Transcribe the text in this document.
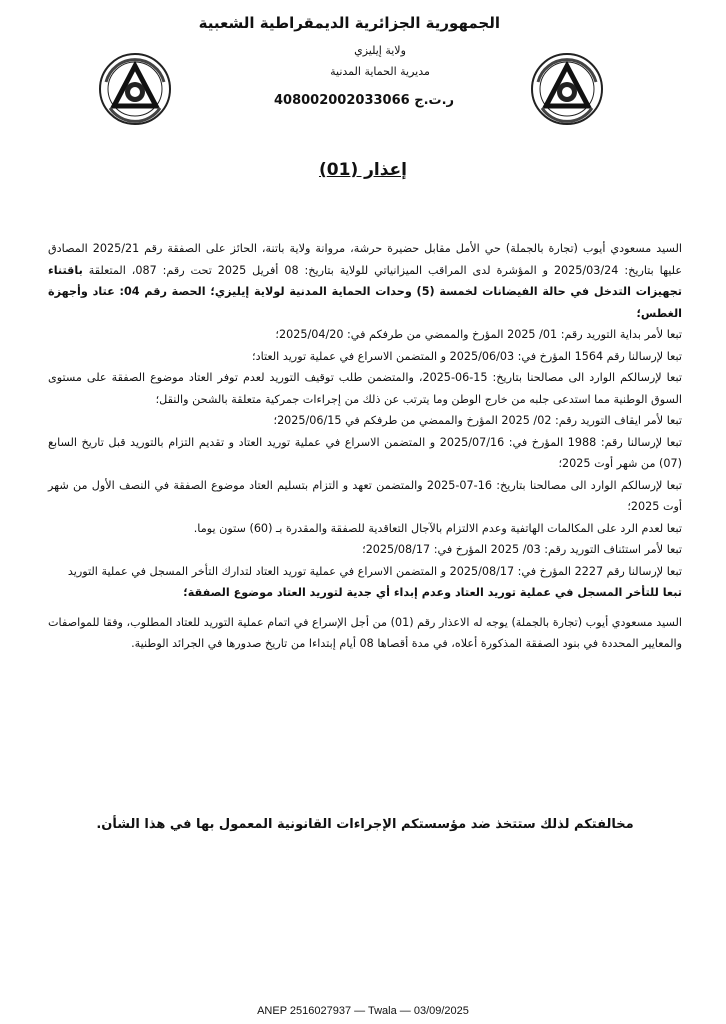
الجمهورية الجزائرية الديمقراطية الشعبية
ولاية إيليزي
مديرية الحماية المدنية
ر.ت.ج 408002002033066
إعذار (01)

السيد مسعودي أيوب (تجارة بالجملة) حي الأمل مقابل حضيرة حرشة، مروانة ولاية باتنة، الحائز على الصفقة رقم 2025/21 المصادق عليها بتاريخ: 2025/03/24 و المؤشرة لدى المراقب الميزانياتي للولاية بتاريخ: 08 أفريل 2025 تحت رقم: 087، المتعلقة باقتناء تجهيزات التدخل في حالة الفيضانات لخمسة (5) وحدات الحماية المدنية لولاية إيليزي؛ الحصة رقم 04: عتاد وأجهزة الغطس؛

تبعا لأمر بداية التوريد رقم: 01/ 2025 المؤرخ والممضي من طرفكم في: 2025/04/20؛

تبعا لإرسالنا رقم 1564 المؤرخ في: 2025/06/03 و المتضمن الاسراع في عملية توريد العتاد؛

تبعا لإرسالكم الوارد الى مصالحنا بتاريخ: 15-06-2025، والمتضمن طلب توقيف التوريد لعدم توفر العتاد موضوع الصفقة على مستوى السوق الوطنية مما استدعى جلبه من خارج الوطن وما يترتب عن ذلك من إجراءات جمركية متعلقة بالشحن والنقل؛

تبعا لأمر ايقاف التوريد رقم: 02/ 2025 المؤرخ والممضي من طرفكم في 2025/06/15؛

تبعا لإرسالنا رقم: 1988 المؤرخ في: 2025/07/16 و المتضمن الاسراع في عملية توريد العتاد و تقديم التزام بالتوريد قبل تاريخ السابع (07) من شهر أوت 2025؛

تبعا لإرسالكم الوارد الى مصالحنا بتاريخ: 16-07-2025 والمتضمن تعهد و التزام بتسليم العتاد موضوع الصفقة في النصف الأول من شهر أوت 2025؛

تبعا لعدم الرد على المكالمات الهاتفية وعدم الالتزام بالآجال التعاقدية للصفقة والمقدرة بـ (60) ستون يوما.

تبعا لأمر استئناف التوريد رقم: 03/ 2025 المؤرخ في: 2025/08/17؛

تبعا لإرسالنا رقم 2227 المؤرخ في: 2025/08/17 و المتضمن الاسراع في عملية توريد العتاد لتدارك التأخر المسجل في عملية التوريد

تبعا للتأخر المسجل في عملية توريد العتاد وعدم إبداء أي جدية لتوريد العتاد موضوع الصفقة؛

السيد مسعودي أيوب (تجارة بالجملة) يوجه له الاعذار رقم (01) من أجل الإسراع في اتمام عملية التوريد للعتاد المطلوب، وفقا للمواصفات والمعايير المحددة في بنود الصفقة المذكورة أعلاه، في مدة أقصاها 08 أيام إبتداءا من تاريخ صدورها في الجرائد الوطنية.

مخالفتكم لذلك ستتخذ ضد مؤسستكم الإجراءات القانونية المعمول بها في هذا الشأن.
ANEP 2516027937 — Twala — 03/09/2025
